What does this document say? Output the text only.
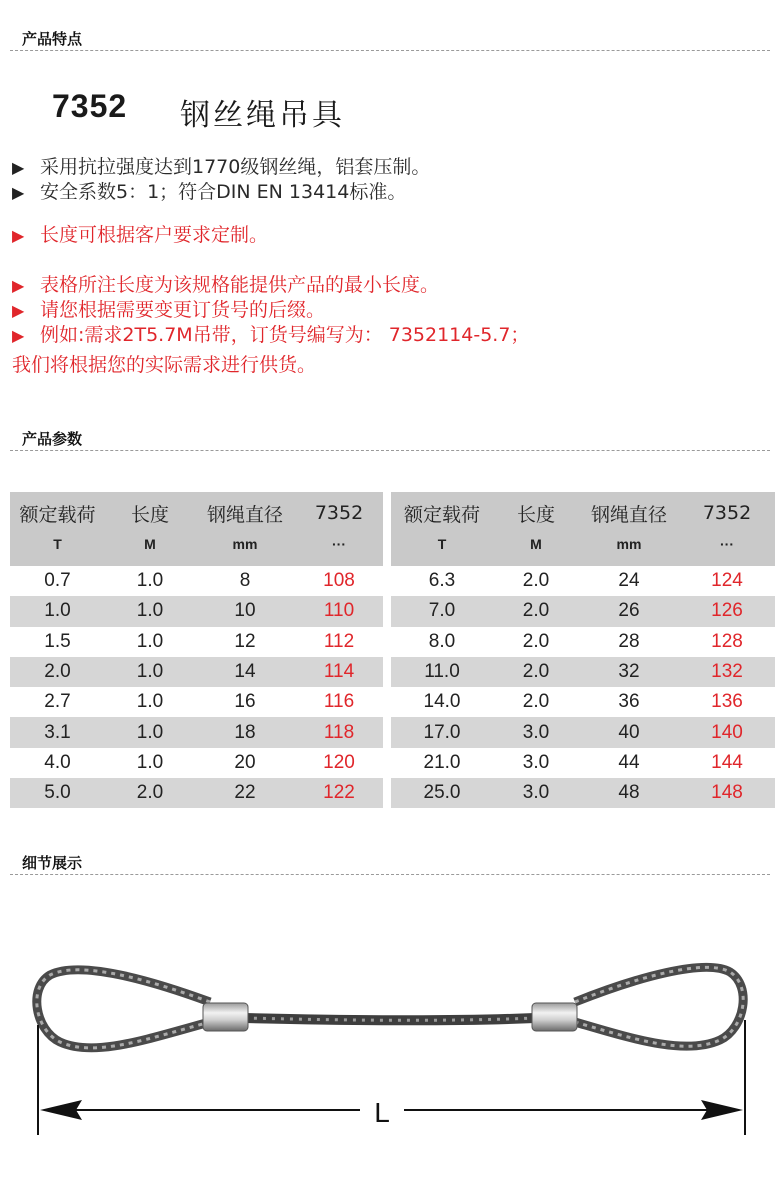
产品特点
7352 钢丝绳吊具
▶ 采用抗拉强度达到1770级钢丝绳，铝套压制。
▶ 安全系数5：1；符合DIN EN 13414标准。
▶ 长度可根据客户要求定制。
▶ 表格所注长度为该规格能提供产品的最小长度。
▶ 请您根据需要变更订货号的后缀。
▶ 例如:需求2T5.7M吊带，订货号编写为： 7352114-5.7；
我们将根据您的实际需求进行供货。
产品参数
额定载荷	长度	钢绳直径	7352
T	M	mm	···
0.7	1.0	8	108
1.0	1.0	10	110
1.5	1.0	12	112
2.0	1.0	14	114
2.7	1.0	16	116
3.1	1.0	18	118
4.0	1.0	20	120
5.0	2.0	22	122
额定载荷	长度	钢绳直径	7352
T	M	mm	···
6.3	2.0	24	124
7.0	2.0	26	126
8.0	2.0	28	128
11.0	2.0	32	132
14.0	2.0	36	136
17.0	3.0	40	140
21.0	3.0	44	144
25.0	3.0	48	148
细节展示
L
